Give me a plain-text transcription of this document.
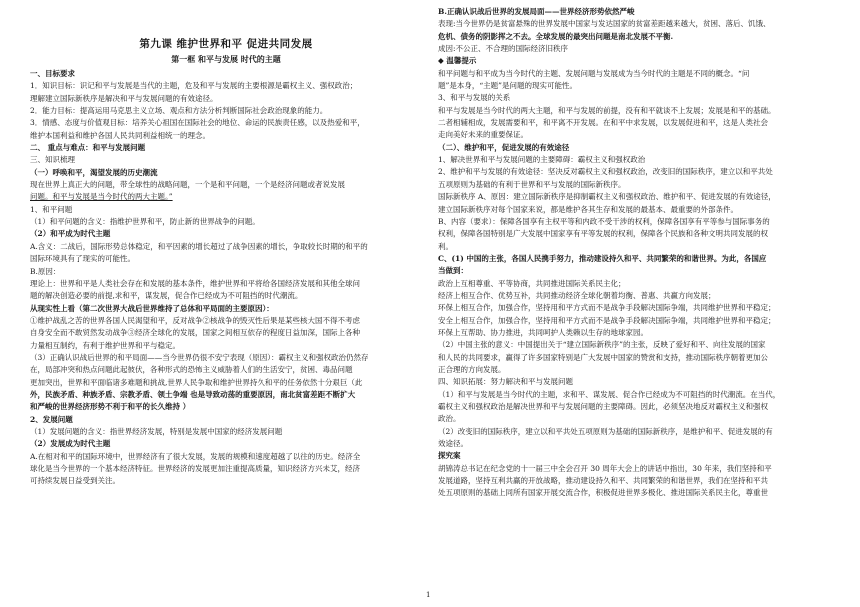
第九课 维护世界和平 促进共同发展
第一框 和平与发展 时代的主题
一、目标要求
1．知识目标：识记和平与发展是当代的主题，危及和平与发展的主要根源是霸权主义、强权政治；
理解建立国际新秩序是解决和平与发展问题的有效途径。
2．能力目标：提高运用马克思主义立场、观点和方法分析判断国际社会政治现象的能力。
3．情感、态度与价值观目标：培养关心祖国在国际社会的地位、命运的民族责任感，以及热爱和平，
维护本国利益和维护各国人民共同利益相统一的理念。
二、 重点与难点：和平与发展问题
三、知识梳理
（一）呼唤和平，渴望发展的历史潮流
现在世界上真正大的问题，带全球性的战略问题，一个是和平问题，一个是经济问题或者说发展
问题。和平与发展是当今时代的两大主题。”
1、和平问题
（1）和平问题的含义：指维护世界和平，防止新的世界战争的问题。
（2）和平成为时代主题
A.含义：二战后，国际形势总体稳定，和平因素的增长超过了战争因素的增长，争取较长时期的和平的
国际环境具有了现实的可能性。
B.原因：
理论上：世界和平是人类社会存在和发展的基本条件，维护世界和平将给各国经济发展和其他全球问
题的解决创造必要的前提,求和平，谋发展，促合作已经成为不可阻挡的时代潮流。
从现实性上看（第二次世界大战后世界维持了总体和平局面的主要原因）：
①维护战乱之苦的世界各国人民渴望和平，反对战争②核战争的毁灭性后果是某些核大国不得不考虑
自身安全而不敢贸然发动战争③经济全球化的发展，国家之间相互依存的程度日益加深，国际上各种
力量相互制约，有利于维护世界和平与稳定。
（3）正确认识战后世界的和平局面——当今世界仍很不安宁表现（原因）：霸权主义和强权政治仍然存
在，局部冲突和热点问题此起彼伏，各种形式的恐怖主义威胁着人们的生活安宁，贫困、毒品问题
更加突出，世界和平面临诸多难题和挑战,世界人民争取和维护世界持久和平的任务依然十分艰巨（此
外，民族矛盾、种族矛盾、宗教矛盾、领土争端 也是导致动荡的重要原因，南北贫富差距不断扩大
和严峻的世界经济形势不利于和平的长久维持 ）
2、发展问题
（1）发展问题的含义：指世界经济发展，特别是发展中国家的经济发展问题
（2）发展成为时代主题
A.在相对和平的国际环境中，世界经济有了很大发展，发展的规模和速度超越了以往的历史。经济全
球化是当今世界的一个基本经济特征。世界经济的发展更加注重提高质量，知识经济方兴未艾，经济
可持续发展日益受到关注。
B.正确认识战后世界的发展局面——世界经济形势依然严峻
表现:当今世界仍是贫富悬殊的世界发展中国家与发达国家的贫富差距越来越大，贫困、落后、饥饿、
危机、债务的阴影挥之不去。全球发展的最突出问题是南北发展不平衡.
成因:不公正、不合理的国际经济旧秩序
◆ 温馨提示
和平问题与和平成为当今时代的主题、发展问题与发展成为当今时代的主题是不同的概念。“问
题”是本身，“主题”是问题的现实可能性。
3、和平与发展的关系
和平与发展是当今时代的两大主题，和平与发展的前提，没有和平就谈不上发展；发展是和平的基础。
二者相辅相成，发展需要和平，和平离不开发展。在和平中求发展，以发展促进和平，这是人类社会
走向美好未来的重要保证。
（二）、维护和平，促进发展的有效途径
1、解决世界和平与发展问题的主要障碍：霸权主义和强权政治
2、维护和平与发展的有效途径：坚决反对霸权主义和强权政治，改变旧的国际秩序，建立以和平共处
五项原则为基础的有利于世界和平与发展的国际新秩序。
国际新秩序 A、原因：建立国际新秩序是抑制霸权主义和强权政治、维护和平、促进发展的有效途径，
建立国际新秩序对每个国家来说，都是维护各其生存和发展的最基本、最重要的外部条件。
B、内容（要求）：保障各国享有主权平等和内政不受干涉的权利，保障各国享有平等参与国际事务的
权利，保障各国特别是广大发展中国家享有平等发展的权利，保障各个民族和各种文明共同发展的权
利。
C、(1) 中国的主张，各国人民携手努力，推动建设持久和平、共同繁荣的和谐世界。为此，各国应
当做到：
政治上互相尊重、平等协商，共同推进国际关系民主化；
经济上相互合作、优势互补，共同推动经济全球化朝着均衡、普惠、共赢方向发展；
环保上相互合作，加强合作，坚持用和平方式而不是战争手段解决国际争端，共同维护世界和平稳定；
安全上相互合作，加强合作，坚持用和平方式而不是战争手段解决国际争端，共同维护世界和平稳定；
环保上互帮助、协力推进，共同呵护人类赖以生存的地球家园。
（2）中国主张的意义：中国提出关于“建立国际新秩序”的主张，反映了爱好和平、向往发展的国家
和人民的共同要求，赢得了许多国家特别是广大发展中国家的赞赏和支持，推动国际秩序朝着更加公
正合理的方向发展。
四、知识拓展：努力解决和平与发展问题
（1）和平与发展是当今时代的主题，求和平、谋发展、促合作已经成为不可阻挡的时代潮流。在当代，
霸权主义和强权政治是解决世界和平与发展问题的主要障碍。因此，必须坚决地反对霸权主义和强权
政治。
（2）改变旧的国际秩序，建立以和平共处五项原则为基础的国际新秩序，是维护和平、促进发展的有
效途径。
探究案
胡锦涛总书记在纪念党的十一届三中全会召开 30 周年大会上的讲话中指出，30 年来，我们坚持和平
发展道路，坚持互利共赢的开放战略，推动建设持久和平、共同繁荣的和谐世界，我们在坚持和平共
处五项原则的基础上同所有国家开展交流合作，积极促进世界多极化、推进国际关系民主化，尊重世
1
